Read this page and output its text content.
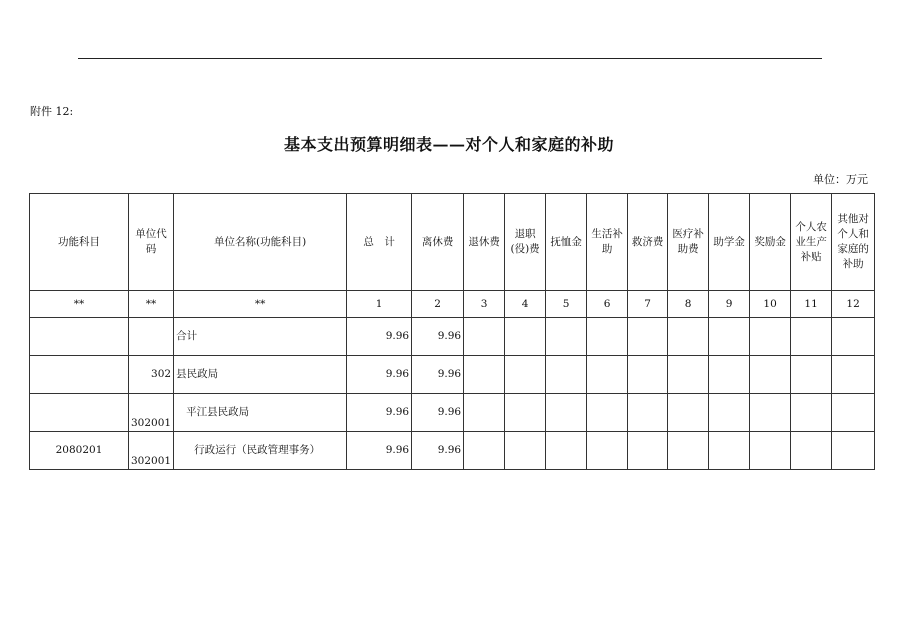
附件 12:
基本支出预算明细表——对个人和家庭的补助
单位：万元
功能科目	单位代码	单位名称(功能科目)	总　计	离休费	退休费	退职(役)费	抚恤金	生活补助	救济费	医疗补助费	助学金	奖励金	个人农业生产补贴	其他对个人和家庭的补助
**	**	**	1	2	3	4	5	6	7	8	9	10	11	12
		合计	9.96	9.96										
	302	县民政局	9.96	9.96										
	302001	平江县民政局	9.96	9.96										
2080201	302001	行政运行（民政管理事务）	9.96	9.96										
